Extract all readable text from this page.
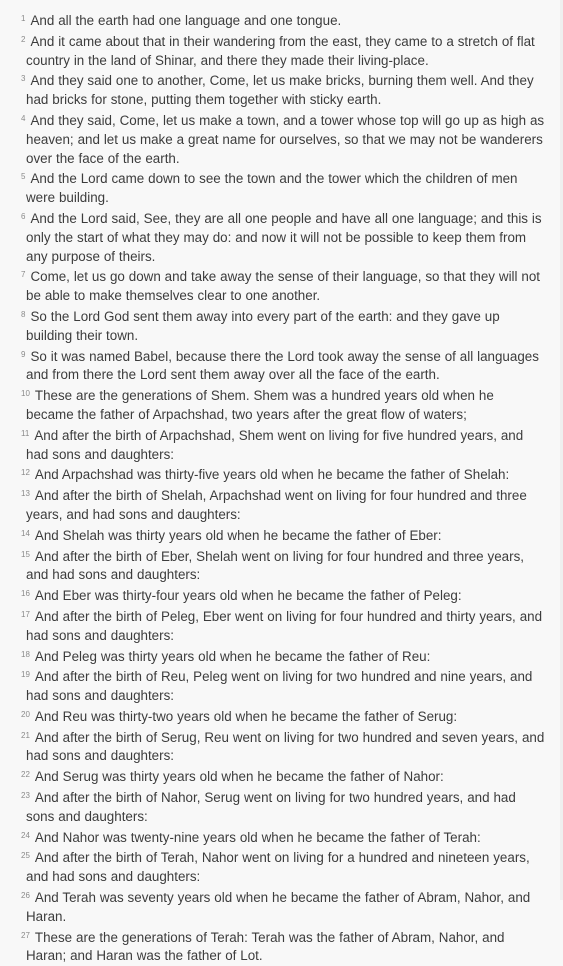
$^1$ And all the earth had one language and one tongue.

$^2$ And it came about that in their wandering from the east, they came to a stretch of flat country in the land of Shinar, and there they made their living-place.

$^3$ And they said one to another, Come, let us make bricks, burning them well. And they had bricks for stone, putting them together with sticky earth.

$^4$ And they said, Come, let us make a town, and a tower whose top will go up as high as heaven; and let us make a great name for ourselves, so that we may not be wanderers over the face of the earth.

$^5$ And the Lord came down to see the town and the tower which the children of men were building.

$^6$ And the Lord said, See, they are all one people and have all one language; and this is only the start of what they may do: and now it will not be possible to keep them from any purpose of theirs.

$^7$ Come, let us go down and take away the sense of their language, so that they will not be able to make themselves clear to one another.

$^8$ So the Lord God sent them away into every part of the earth: and they gave up building their town.

$^9$ So it was named Babel, because there the Lord took away the sense of all languages and from there the Lord sent them away over all the face of the earth.

$^{10}$ These are the generations of Shem. Shem was a hundred years old when he became the father of Arpachshad, two years after the great flow of waters;

$^{11}$ And after the birth of Arpachshad, Shem went on living for five hundred years, and had sons and daughters:

$^{12}$ And Arpachshad was thirty-five years old when he became the father of Shelah:

$^{13}$ And after the birth of Shelah, Arpachshad went on living for four hundred and three years, and had sons and daughters:

$^{14}$ And Shelah was thirty years old when he became the father of Eber:

$^{15}$ And after the birth of Eber, Shelah went on living for four hundred and three years, and had sons and daughters:

$^{16}$ And Eber was thirty-four years old when he became the father of Peleg:

$^{17}$ And after the birth of Peleg, Eber went on living for four hundred and thirty years, and had sons and daughters:

$^{18}$ And Peleg was thirty years old when he became the father of Reu:

$^{19}$ And after the birth of Reu, Peleg went on living for two hundred and nine years, and had sons and daughters:

$^{20}$ And Reu was thirty-two years old when he became the father of Serug:

$^{21}$ And after the birth of Serug, Reu went on living for two hundred and seven years, and had sons and daughters:

$^{22}$ And Serug was thirty years old when he became the father of Nahor:

$^{23}$ And after the birth of Nahor, Serug went on living for two hundred years, and had sons and daughters:

$^{24}$ And Nahor was twenty-nine years old when he became the father of Terah:

$^{25}$ And after the birth of Terah, Nahor went on living for a hundred and nineteen years, and had sons and daughters:

$^{26}$ And Terah was seventy years old when he became the father of Abram, Nahor, and Haran.

$^{27}$ These are the generations of Terah: Terah was the father of Abram, Nahor, and Haran; and Haran was the father of Lot.
